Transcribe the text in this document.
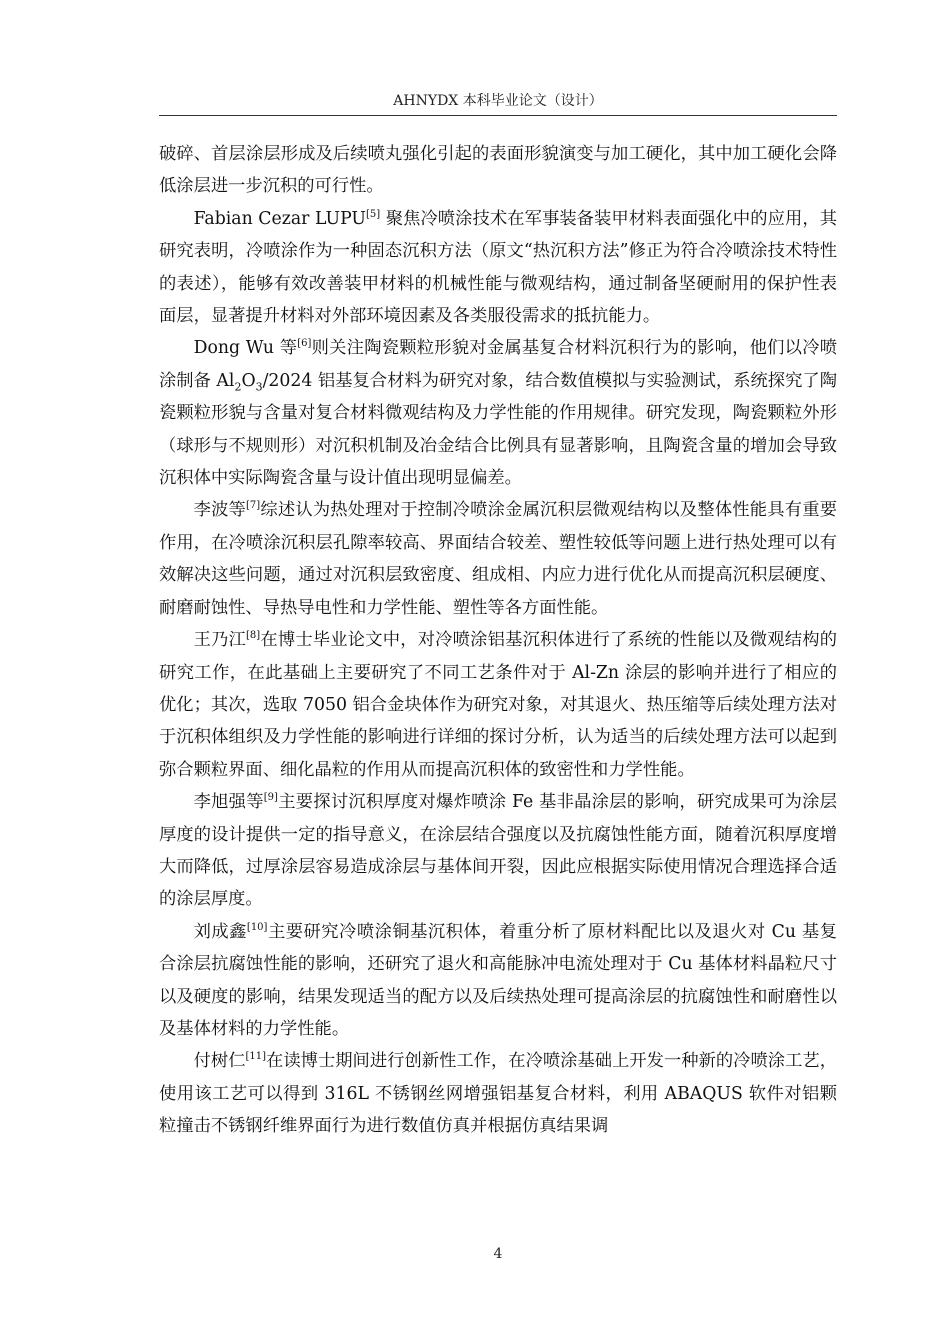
AHNYDX 本科毕业论文（设计）

破碎、首层涂层形成及后续喷丸强化引起的表面形貌演变与加工硬化，其中加工硬化会降低涂层进一步沉积的可行性。

Fabian Cezar LUPU[5] 聚焦冷喷涂技术在军事装备装甲材料表面强化中的应用，其研究表明，冷喷涂作为一种固态沉积方法（原文“热沉积方法”修正为符合冷喷涂技术特性的表述），能够有效改善装甲材料的机械性能与微观结构，通过制备坚硬耐用的保护性表面层，显著提升材料对外部环境因素及各类服役需求的抵抗能力。

Dong Wu 等[6]则关注陶瓷颗粒形貌对金属基复合材料沉积行为的影响，他们以冷喷涂制备 $Al_2O_3/2024$ 铝基复合材料为研究对象，结合数值模拟与实验测试，系统探究了陶瓷颗粒形貌与含量对复合材料微观结构及力学性能的作用规律。研究发现，陶瓷颗粒外形（球形与不规则形）对沉积机制及冶金结合比例具有显著影响，且陶瓷含量的增加会导致沉积体中实际陶瓷含量与设计值出现明显偏差。

李波等[7]综述认为热处理对于控制冷喷涂金属沉积层微观结构以及整体性能具有重要作用，在冷喷涂沉积层孔隙率较高、界面结合较差、塑性较低等问题上进行热处理可以有效解决这些问题，通过对沉积层致密度、组成相、内应力进行优化从而提高沉积层硬度、耐磨耐蚀性、导热导电性和力学性能、塑性等各方面性能。

王乃江[8]在博士毕业论文中，对冷喷涂铝基沉积体进行了系统的性能以及微观结构的研究工作，在此基础上主要研究了不同工艺条件对于 Al-Zn 涂层的影响并进行了相应的优化；其次，选取 7050 铝合金块体作为研究对象，对其退火、热压缩等后续处理方法对于沉积体组织及力学性能的影响进行详细的探讨分析，认为适当的后续处理方法可以起到弥合颗粒界面、细化晶粒的作用从而提高沉积体的致密性和力学性能。

李旭强等[9]主要探讨沉积厚度对爆炸喷涂 Fe 基非晶涂层的影响，研究成果可为涂层厚度的设计提供一定的指导意义，在涂层结合强度以及抗腐蚀性能方面，随着沉积厚度增大而降低，过厚涂层容易造成涂层与基体间开裂，因此应根据实际使用情况合理选择合适的涂层厚度。

刘成鑫[10]主要研究冷喷涂铜基沉积体，着重分析了原材料配比以及退火对 Cu 基复合涂层抗腐蚀性能的影响，还研究了退火和高能脉冲电流处理对于 Cu 基体材料晶粒尺寸以及硬度的影响，结果发现适当的配方以及后续热处理可提高涂层的抗腐蚀性和耐磨性以及基体材料的力学性能。

付树仁[11]在读博士期间进行创新性工作，在冷喷涂基础上开发一种新的冷喷涂工艺，使用该工艺可以得到 316L 不锈钢丝网增强铝基复合材料，利用 ABAQUS 软件对铝颗粒撞击不锈钢纤维界面行为进行数值仿真并根据仿真结果调

4
